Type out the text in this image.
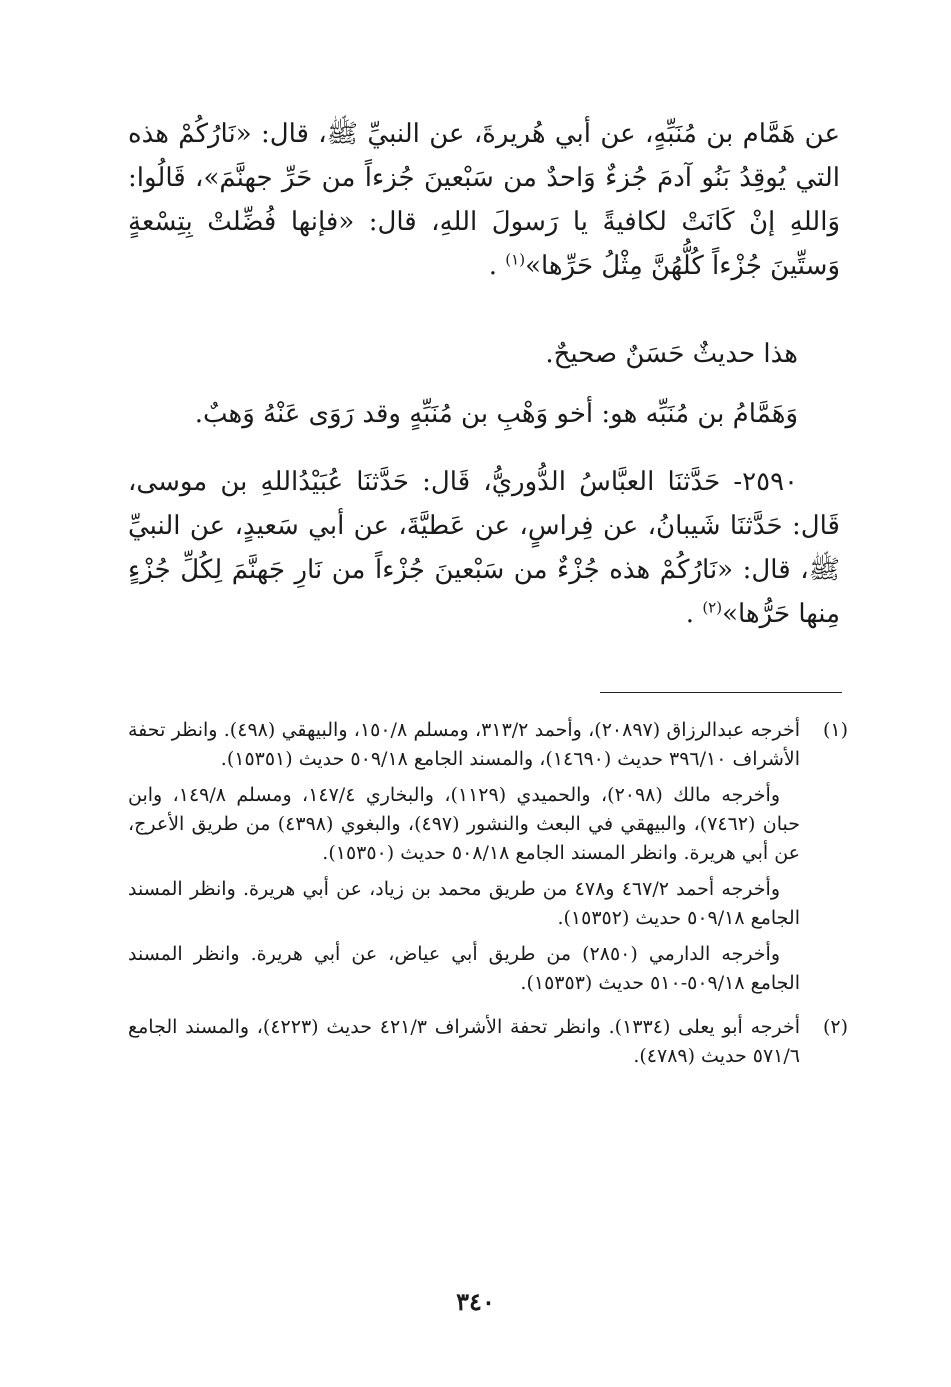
عن هَمَّام بن مُنَبِّهٍ، عن أبي هُريرةَ، عن النبيِّ ﷺ، قال: «نَارُكُمْ هذه التي يُوقِدُ بَنُو آدمَ جُزءٌ وَاحدٌ من سَبْعينَ جُزءاً من حَرِّ جهنَّمَ»، قَالُوا: وَاللهِ إنْ كَانَتْ لكافيةً يا رَسولَ اللهِ، قال: «فإنها فُضِّلتْ بِتِسْعةٍ وَستِّينَ جُزْءاً كُلُّهُنَّ مِثْلُ حَرِّها»$^{(١)}$ .

هذا حديثٌ حَسَنٌ صحيحٌ.

وَهَمَّامُ بن مُنَبِّه هو: أخو وَهْبِ بن مُنَبِّهٍ وقد رَوَى عَنْهُ وَهبٌ.

٢٥٩٠- حَدَّثنَا العبَّاسُ الدُّوريُّ، قَال: حَدَّثنَا عُبَيْدُاللهِ بن موسى، قَال: حَدَّثنَا شَيبانُ، عن فِراسٍ، عن عَطيَّةَ، عن أبي سَعيدٍ، عن النبيِّ ﷺ، قال: «نَارُكُمْ هذه جُزْءٌ من سَبْعينَ جُزْءاً من نَارِ جَهنَّمَ لِكُلِّ جُزْءٍ مِنها حَرُّها»$^{(٢)}$ .
(١)

أخرجه عبدالرزاق (٢٠٨٩٧)، وأحمد ٣١٣/٢، ومسلم ١٥٠/٨، والبيهقي (٤٩٨). وانظر تحفة الأشراف ٣٩٦/١٠ حديث (١٤٦٩٠)، والمسند الجامع ٥٠٩/١٨ حديث (١٥٣٥١).

وأخرجه مالك (٢٠٩٨)، والحميدي (١١٢٩)، والبخاري ١٤٧/٤، ومسلم ١٤٩/٨، وابن حبان (٧٤٦٢)، والبيهقي في البعث والنشور (٤٩٧)، والبغوي (٤٣٩٨) من طريق الأعرج، عن أبي هريرة. وانظر المسند الجامع ٥٠٨/١٨ حديث (١٥٣٥٠).

وأخرجه أحمد ٤٦٧/٢ و٤٧٨ من طريق محمد بن زياد، عن أبي هريرة. وانظر المسند الجامع ٥٠٩/١٨ حديث (١٥٣٥٢).

وأخرجه الدارمي (٢٨٥٠) من طريق أبي عياض، عن أبي هريرة. وانظر المسند الجامع ٥٠٩/١٨-٥١٠ حديث (١٥٣٥٣).

(٢)

أخرجه أبو يعلى (١٣٣٤). وانظر تحفة الأشراف ٤٢١/٣ حديث (٤٢٢٣)، والمسند الجامع ٥٧١/٦ حديث (٤٧٨٩).

٣٤٠
